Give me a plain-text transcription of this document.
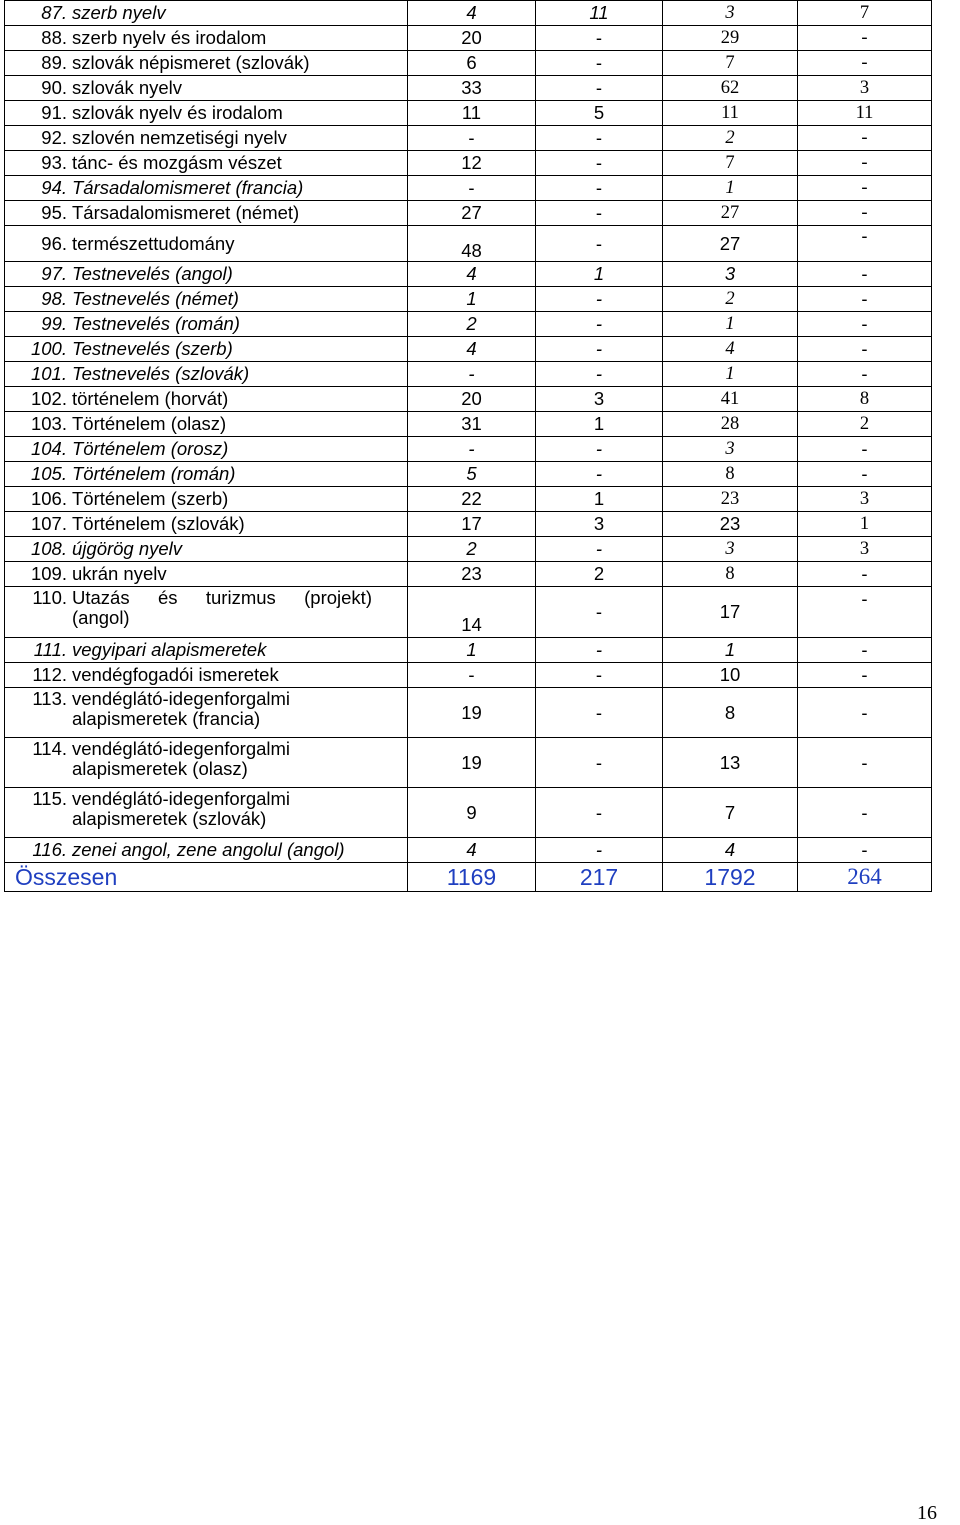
87. szerb nyelv	4	11	3	7
88. szerb nyelv és irodalom	20	-	29	-
89. szlovák népismeret (szlovák)	6	-	7	-
90. szlovák nyelv	33	-	62	3
91. szlovák nyelv és irodalom	11	5	11	11
92. szlovén nemzetiségi nyelv	-	-	2	-
93. tánc- és mozgásm vészet	12	-	7	-
94. Társadalomismeret (francia)	-	-	1	-
95. Társadalomismeret (német)	27	-	27	-
96. természettudomány	48	-	27	-
97. Testnevelés (angol)	4	1	3	-
98. Testnevelés (német)	1	-	2	-
99. Testnevelés (román)	2	-	1	-
100. Testnevelés (szerb)	4	-	4	-
101. Testnevelés (szlovák)	-	-	1	-
102. történelem (horvát)	20	3	41	8
103. Történelem (olasz)	31	1	28	2
104. Történelem (orosz)	-	-	3	-
105. Történelem (román)	5	-	8	-
106. Történelem (szerb)	22	1	23	3
107. Történelem (szlovák)	17	3	23	1
108. újgörög nyelv	2	-	3	3
109. ukrán nyelv	23	2	8	-
110. Utazás és turizmus (projekt)
(angol)	14	-	17	-
111. vegyipari alapismeretek	1	-	1	-
112. vendégfogadói ismeretek	-	-	10	-
113. vendéglátó-idegenforgalmi
alapismeretek (francia)	19	-	8	-
114. vendéglátó-idegenforgalmi
alapismeretek (olasz)	19	-	13	-
115. vendéglátó-idegenforgalmi
alapismeretek (szlovák)	9	-	7	-
116. zenei angol, zene angolul (angol)	4	-	4	-
Összesen	1169	217	1792	264
16
